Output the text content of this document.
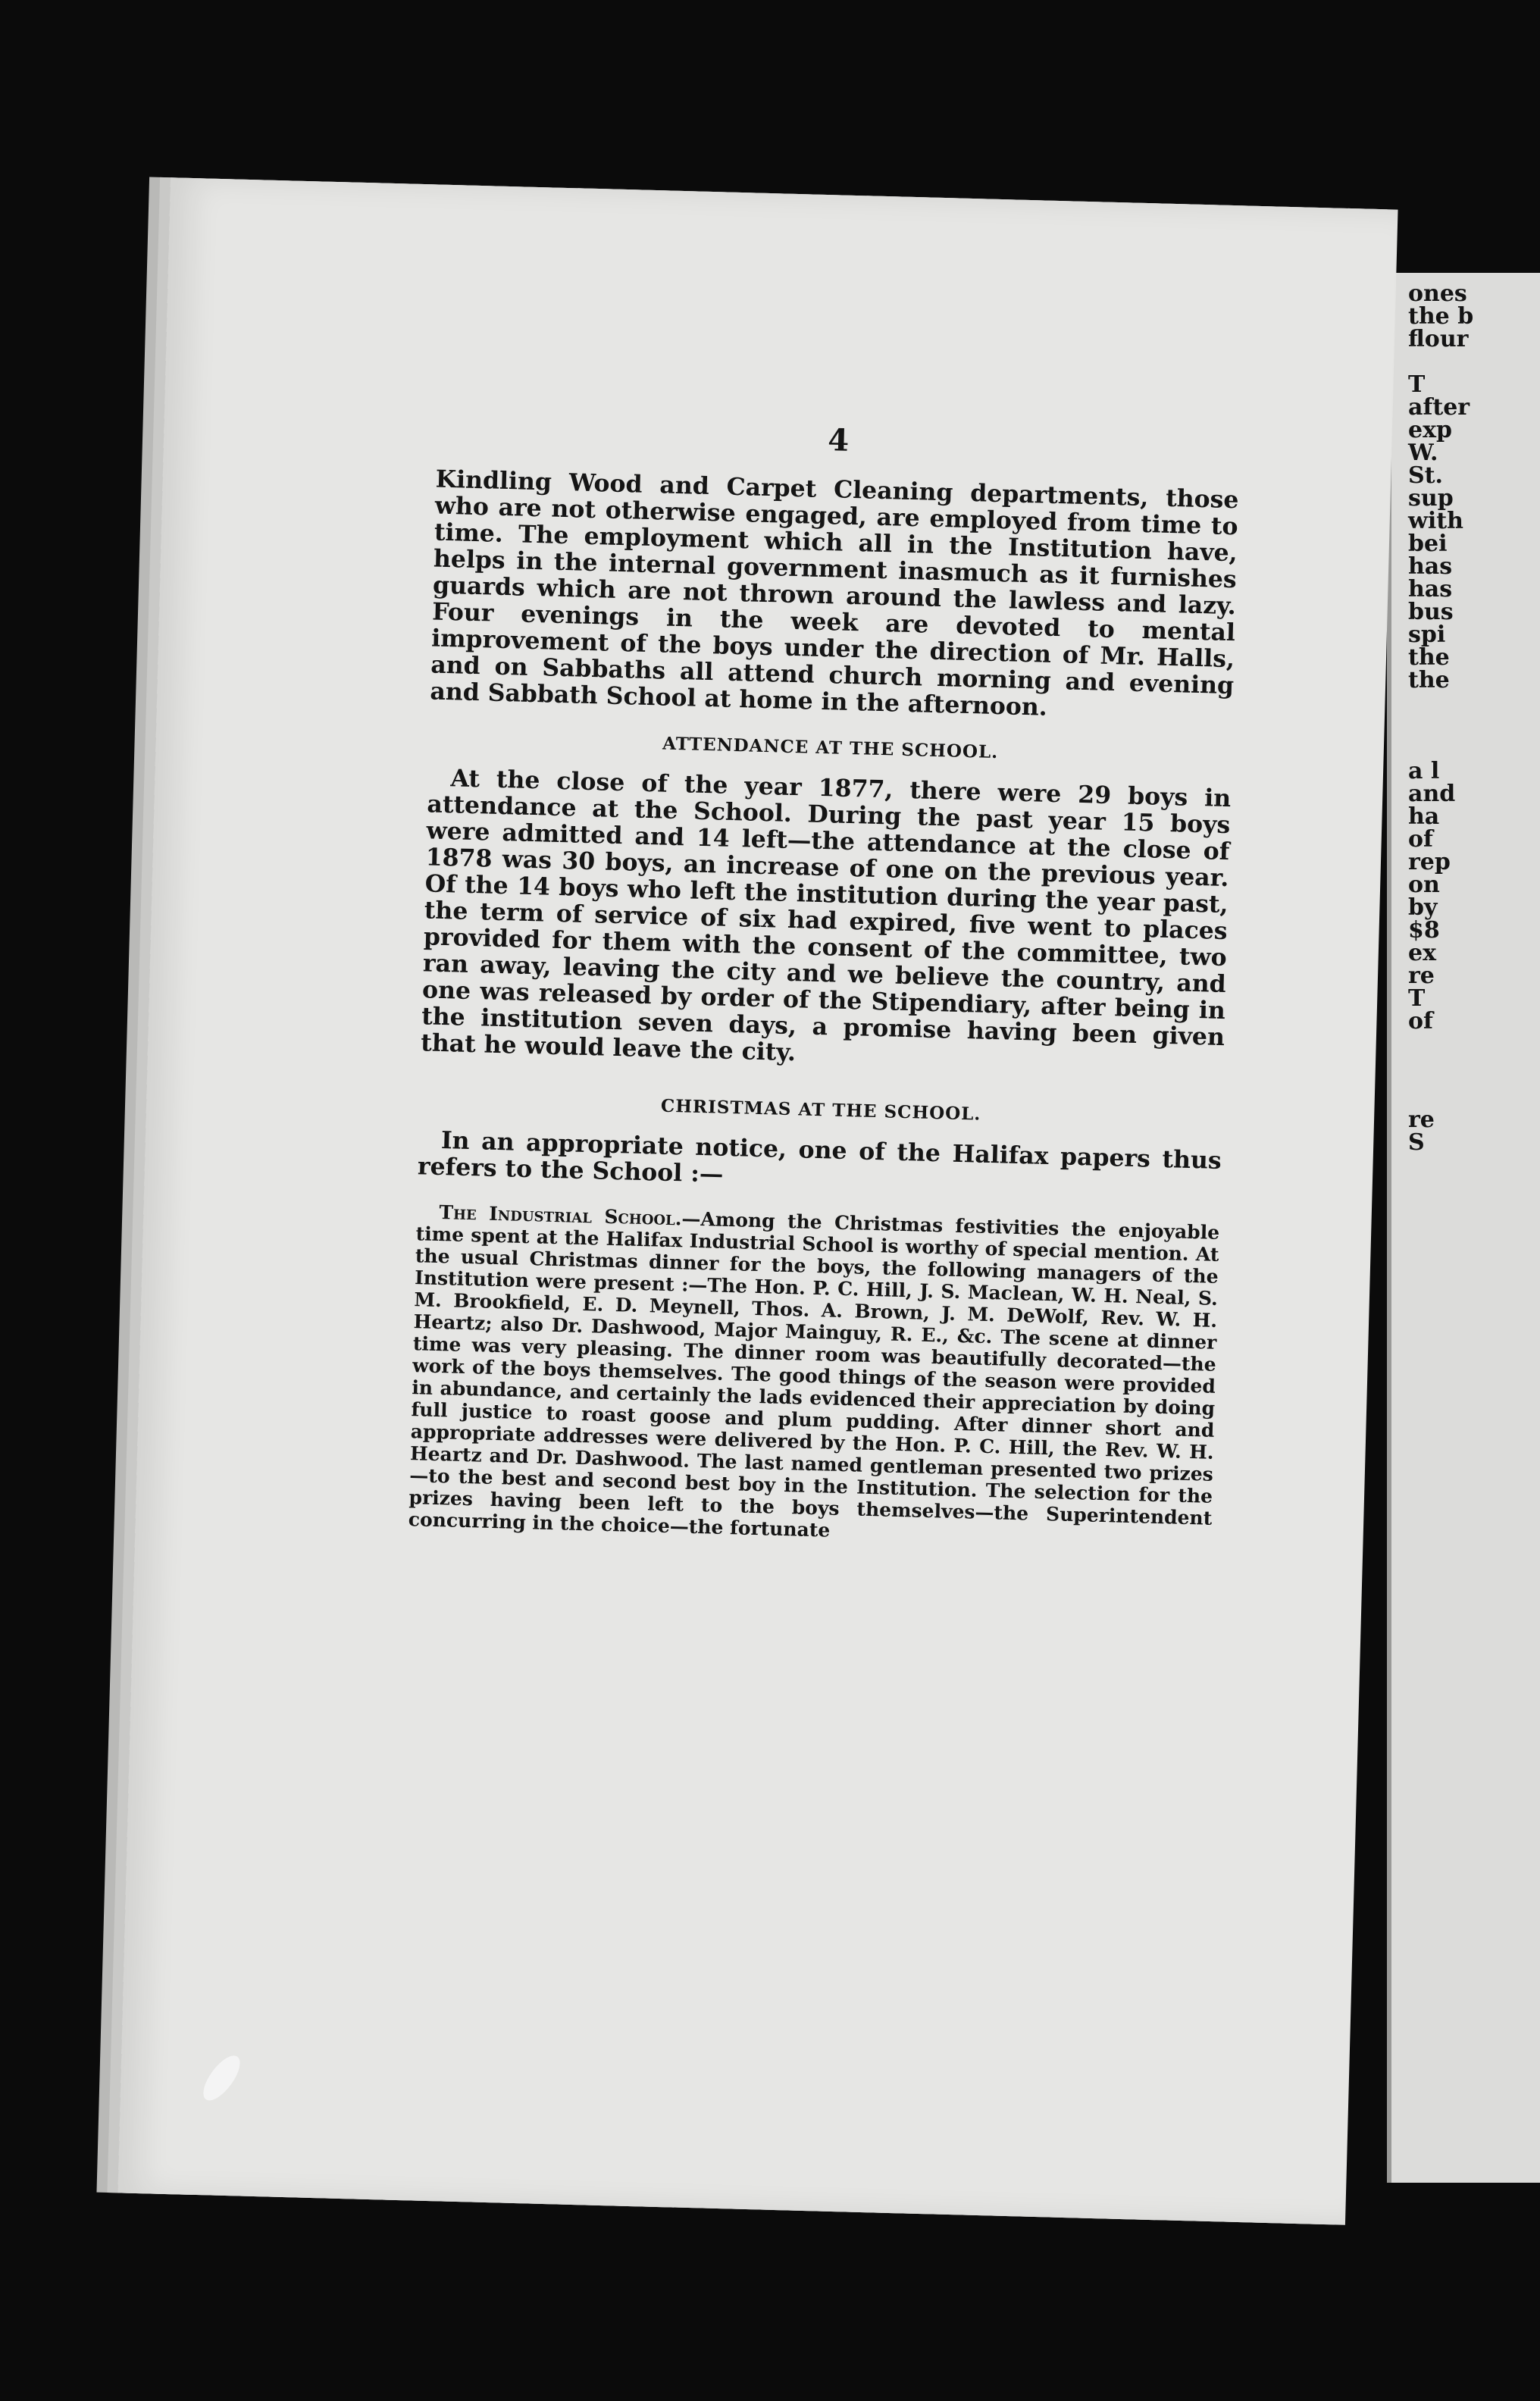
ones
the b
flour
T
after
exp
W.
St.
sup
with
bei
has
has
bus
spi
the
the
a l
and
ha
of
rep
on
by
$8
ex
re
T
of
re
S
4

Kindling Wood and Carpet Cleaning departments, those who are not otherwise engaged, are employed from time to time. The employment which all in the Institution have, helps in the internal government inasmuch as it furnishes guards which are not thrown around the lawless and lazy. Four evenings in the week are devoted to mental improvement of the boys under the direction of Mr. Halls, and on Sabbaths all attend church morning and evening and Sabbath School at home in the afternoon.

ATTENDANCE AT THE SCHOOL.

At the close of the year 1877, there were 29 boys in attendance at the School. During the past year 15 boys were admitted and 14 left—the attendance at the close of 1878 was 30 boys, an increase of one on the previous year. Of the 14 boys who left the institution during the year past, the term of service of six had expired, five went to places provided for them with the consent of the committee, two ran away, leaving the city and we believe the country, and one was released by order of the Stipendiary, after being in the institution seven days, a promise having been given that he would leave the city.

CHRISTMAS AT THE SCHOOL.

In an appropriate notice, one of the Halifax papers thus refers to the School :—

The Industrial School.—Among the Christmas festivities the enjoyable time spent at the Halifax Industrial School is worthy of special mention. At the usual Christmas dinner for the boys, the following managers of the Institution were present :—The Hon. P. C. Hill, J. S. Maclean, W. H. Neal, S. M. Brookfield, E. D. Meynell, Thos. A. Brown, J. M. DeWolf, Rev. W. H. Heartz; also Dr. Dashwood, Major Mainguy, R. E., &c. The scene at dinner time was very pleasing. The dinner room was beautifully decorated—the work of the boys themselves. The good things of the season were provided in abundance, and certainly the lads evidenced their appreciation by doing full justice to roast goose and plum pudding. After dinner short and appropriate addresses were delivered by the Hon. P. C. Hill, the Rev. W. H. Heartz and Dr. Dashwood. The last named gentleman presented two prizes—to the best and second best boy in the Institution. The selection for the prizes having been left to the boys themselves—the Superintendent concurring in the choice—the fortunate
